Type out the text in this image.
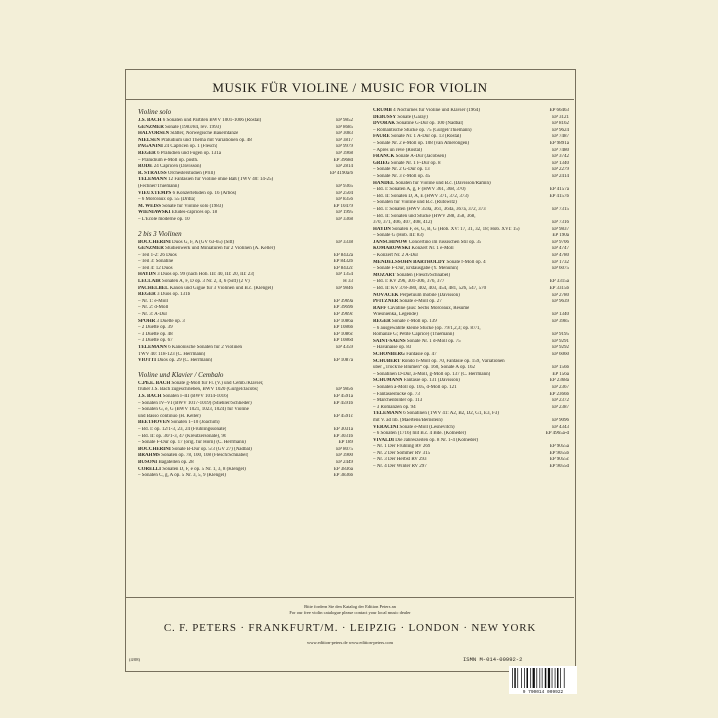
MUSIK FÜR VIOLINE / MUSIC FOR VIOLIN
Violine solo
J.S. BACH 6 Sonaten und Partiten BWV 1001-1006 (Rostal)	EP 9852
GENZMER Sonate (1983/84, rev. 1993)	EP 8685
HALVORSEN Slåtter, Norwegische Bauerntänze	EP 3083
NIELSEN Präludium und Thema mit Variationen op. 48	EP 3817
PAGANINI 24 Capricen op. 1 (Flesch)	EP 9979
REGER 6 Präludien und Fugen op. 131a	EP 3968
– Präludium e-Moll op. posth.	EP 3968d
RODE 24 Capricen (Davisson)	EP 2814
R. STRAUSS Orchesterstudien (Prill)	EP 4190a/b
TELEMANN 12 Fantasien für Violine ohne Baß (TWV 40: 14-25)
(Fechner/Thiemann)	EP 9365
VIEUXTEMPS 6 Konzertetüden op. 16 (Arbós)	EP 2504
– 6 Morceaux op. 55 (Drdla)	EP 8356
M. WEISS Sonate für Violine solo (1983)	EP 10479
WIENIAWSKI Etudes-caprices op. 18	EP 1995
– L'École moderne op. 10	EP 3368
2 bis 3 Violinen
BOCCHERINI Duos G, F, A (GV 63-65) (Sitt)	EP 3338
GENZMER Studienwerk und Miniaturen für 2 Violinen (A. Keller)
– Teil 1-2: 26 Duos	EP 8432a
– Teil 3: Sonatine	EP 8432b
– Teil 4: 12 Duos	EP 8432c
HAYDN 3 Duos op. 99 (nach Hob. III: 40, III: 20, III: 23)	EP 1354
LECLAIR Sonaten A, F, D op. 3 Nr. 2, 4, 6 (Sitt) (2 V)	H 33
PACHELBEL Kanon und Gigue für 3 Violinen und B.c. (Klengel)	EP 9846
REGER 3 Duos op. 131b
– Nr. 1: e-Moll	EP 3969a
– Nr. 2: d-Moll	EP 3969b
– Nr. 3: A-Dur	EP 3969c
SPOHR 3 Duette op. 3	EP 1086a
– 2 Duette op. 39	EP 1086b
– 3 Duette op. 48	EP 1086c
– 3 Duette op. 67	EP 1086d
TELEMANN 6 Kanonische Sonaten für 2 Violinen	EP 4359
TWV 40: 118-123 (C. Herrmann)
VIOTTI Duos op. 29 (C. Herrmann)	EP 1087a
Violine und Klavier / Cembalo
C.Ph.E. BACH Sonate g-Moll für Fl. (V.) und Cemb./Klavier,
früher J.S. Bach zugeschrieben, BWV 1020 (Gurgel/Jacobs)	EP 9856
J.S. BACH Sonaten I–III (BWV 1014-1016)	EP 4591a
– Sonaten IV–VI (BWV 1017-1019) (Stiehler/Schlieder)	EP 4591b
– Sonaten G, e, G (BWV 1021, 1023, 1024) für Violine
und Basso continuo (H. Keller)	EP 4591c
BEETHOVEN Sonaten 1–10 (Joachim)
– Bd. I: op. 12/1-3, 23, 24 (Frühlingssonate)	EP 3031a
– Bd. II: op. 30/1-3, 47 (Kreutzersonate), 96	EP 3031b
– Sonate F-Dur op. 17 (orig. für Horn) (C. Herrmann)	EP 189
BOCCHERINI Sonate B-Dur op. 5/3 (GV 27) (Nadbal)	EP 8075
BRAHMS Sonaten op. 78, 100, 108 (Flesch/Schnabel)	EP 3900
BUSONI Bagatellen op. 28	EP 2449
CORELLI Sonaten D, F, e op. 5 Nr. 1, 3, 8 (Klengel)	EP 3836a
– Sonaten C, g, A op. 5 Nr. 3, 5, 9 (Klengel)	EP 3836b
CRUMB 4 Nocturnes für Violine und Klavier (1964)	EP 66463
DEBUSSY Sonate (Garay)	EP 3121
DVOŘÁK Sonatine G-Dur op. 100 (Nadbal)	EP 8162
– Romantische Stücke op. 75 (Gurgel/Thiemann)	EP 9624
FAURÉ Sonate Nr. 1 A-Dur op. 13 (Rostal)	EP 7487
– Sonate Nr. 2 e-Moll op. 108 (van Amerongen)	EP 9891a
– Après un rêve (Rostal)	EP 7480
FRANCK Sonate A-Dur (Jacobsen)	EP 3742
GRIEG Sonate Nr. 1 F-Dur op. 8	EP 1340
– Sonate Nr. 2 G-Dur op. 13	EP 2279
– Sonate Nr. 3 c-Moll op. 45	EP 2414
HÄNDEL Sonaten für Violine und B.c. (Davisson/Ramin)
– Bd. I: Sonaten A, g, F (HWV 361, 368, 370)	EP 4157a
– Bd. II: Sonaten D, A, E (HWV 371, 372, 373)	EP 4157b
– Sonaten für Violine und B.c. (Rutowitz)
– Bd. I: Sonaten (HWV 359a, 361, 364a, 367a, 372, 373	EP 7315
– Bd. II: Sonaten und Stücke (HWV 288, 358, 368,
370, 371, 406, 407, 408, 412)	EP 7316
HAYDN Sonaten F, es, G, B, G (Hob. XV: 17, 31, 32, 18; Hob. XVI: 15)	EP 9837
– Sonate G (Hob. III: 83)	EP 190a
JANSCHINOW Concertino im russischen Stil op. 35	EP 9706
KOMAROWSKI Konzert Nr. 1 e-Moll	EP 4747
– Konzert Nr. 2 A-Dur	EP 4780
MENDELSSOHN BARTHOLDY Sonate f-Moll op. 4	EP 1732
– Sonate F-Dur, Erstausgabe (Y. Menuhin)	EP 6075
MOZART Sonaten (Flesch/Schnabel)
– Bd. I: KV 296, 301-306, 376, 377	EP 3315a
– Bd. II: KV 378-380, 402, 403, 454, 481, 526, 547, 570	EP 3315b
NOVÁČEK Perpetuum mobile (Davisson)	EP 2780
PFITZNER Sonate e-Moll op. 27	EP 9639
RAFF Cavatine (aus: Sechs Morceaux, Résumé
Wiesnienka, Legende)	EP 1340
REGER Sonate c-Moll op. 139	EP 3985
– 6 ausgewählte kleine Stücke (op. 79/1,2,3; op. 87/1,
Romanze G; Petite Caprice) (Thiemann)	EP 9195
SAINT-SAËNS Sonate Nr. 1 d-Moll op. 75	EP 9291
– Havanaise op. 83	EP 9292
SCHÖNBERG Fantasie op. 47	EP 6060
SCHUBERT Rondo h-Moll op. 70, Fantasie op. 159, Variationen
über „Trock'ne Blumen“ op. 160, Sonate A op. 162	EP 156b
– Sonatinen D-Dur, a-Moll, g-Moll op. 137 (C. Herrmann)	EP 156a
SCHUMANN Fantasie op. 131 (Davisson)	EP 2368a
– Sonaten a-Moll op. 105, d-Moll op. 121	EP 2367
– Fantasiestücke op. 73	EP 2366b
– Märchenbilder op. 113	EP 2372
– 3 Romanzen op. 94	EP 2387
TELEMANN 6 Sonatinen (TWV 41: A2, B2, D2, G1, E3, F3)
mit V. ad lib. (Maertens/Bernstein)	EP 9096
VERACINI Sonate e-Moll (Lesnevitch)	EP 4343
– 6 Sonaten (1716) mit B.c. 4 Bde. (Kolneder)	EP 4965a-d
VIVALDI Die Jahreszeiten op. 8 Nr. 1-4 (Kolneder)
– Nr. 1 Der Frühling RV 269	EP 9055a
– Nr. 2 Der Sommer RV 315	EP 9055b
– Nr. 3 Der Herbst RV 293	EP 9055c
– Nr. 4 Der Winter RV 297	EP 9055d
Bitte fordern Sie den Katalog der Edition Peters an
For our free violin catalogue please contact your local music dealer
C. F. PETERS · FRANKFURT/M. · LEIPZIG · LONDON · NEW YORK
www.edition-peters.de www.edition-peters.com
(4/08)	ISMN M-014-00992-2
9 790014 009922
